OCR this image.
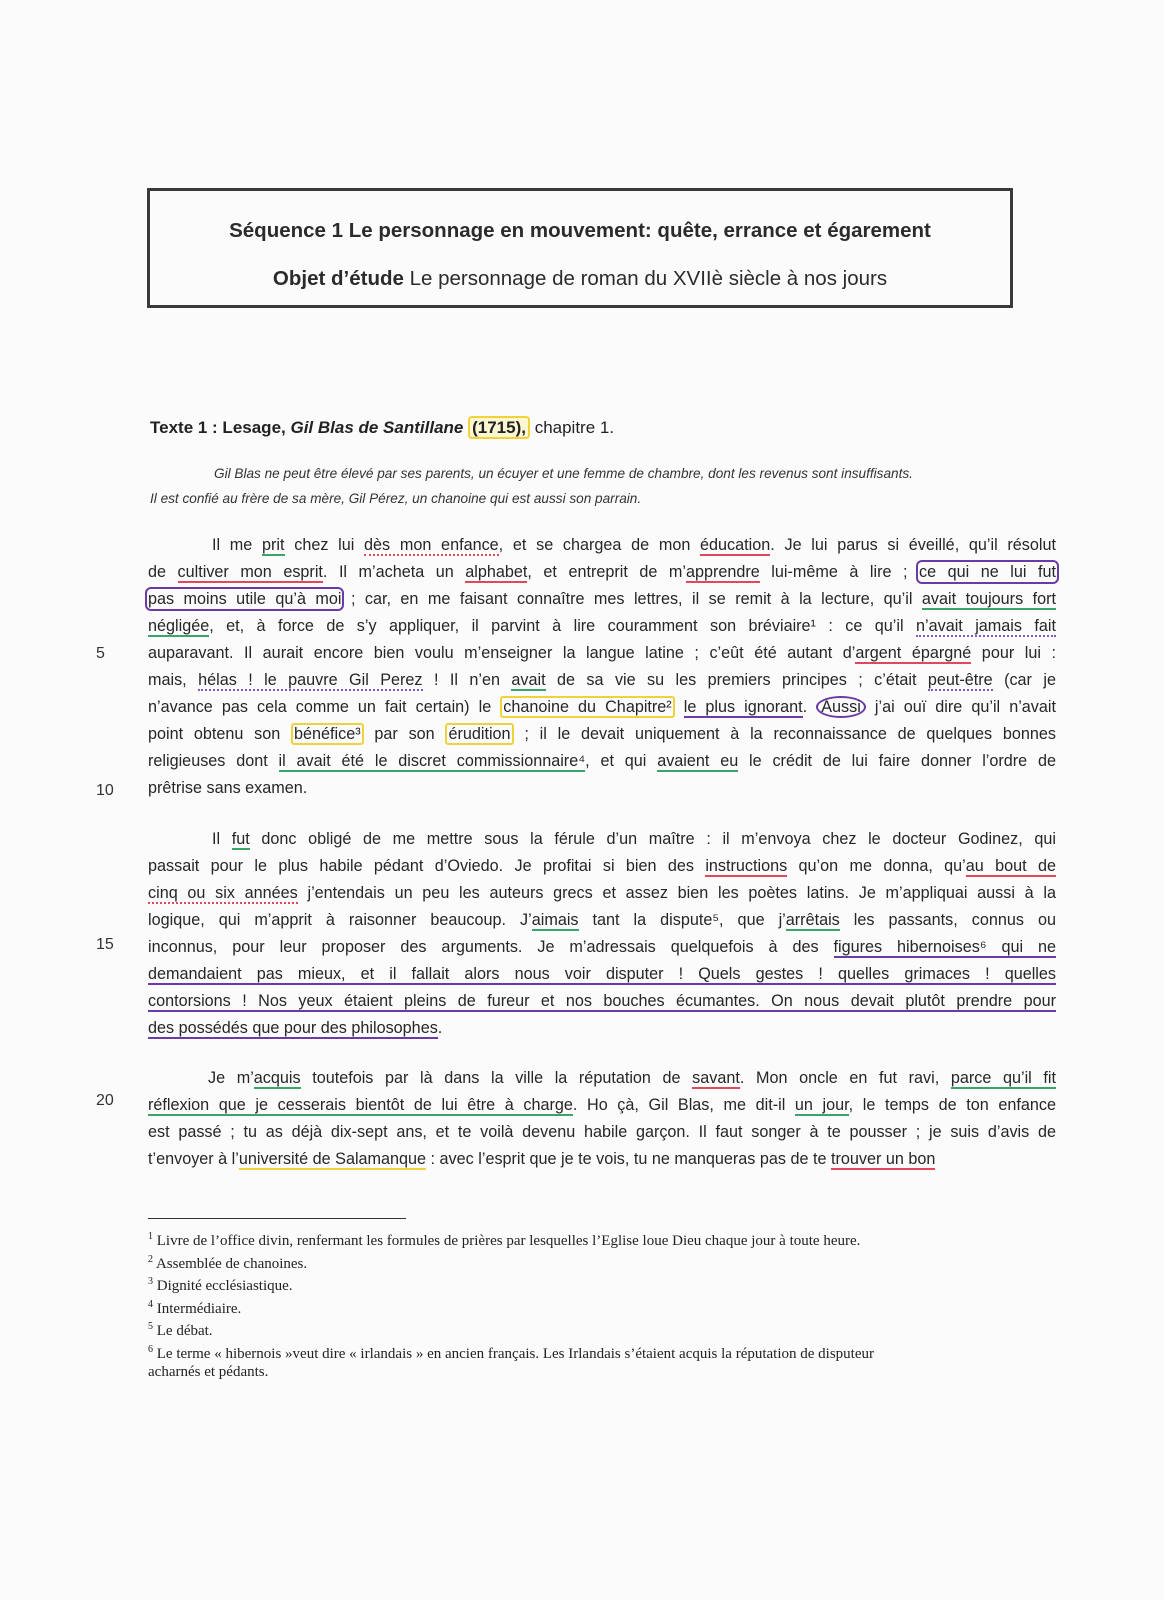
Séquence 1 Le personnage en mouvement: quête, errance et égarement
Objet d’étude Le personnage de roman du XVIIè siècle à nos jours
Texte 1 : Lesage, Gil Blas de Santillane (1715), chapitre 1.
Gil Blas ne peut être élevé par ses parents, un écuyer et une femme de chambre, dont les revenus sont insuffisants.
Il est confié au frère de sa mère, Gil Pérez, un chanoine qui est aussi son parrain.
5
10
15
20
Il me prit chez lui dès mon enfance, et se chargea de mon éducation. Je lui parus si éveillé, qu’il résolut
de cultiver mon esprit. Il m’acheta un alphabet, et entreprit de m’apprendre lui-même à lire ; ce qui ne lui fut
pas moins utile qu’à moi ; car, en me faisant connaître mes lettres, il se remit à la lecture, qu’il avait toujours fort
négligée, et, à force de s’y appliquer, il parvint à lire couramment son bréviaire¹ : ce qu’il n’avait jamais fait
auparavant. Il aurait encore bien voulu m’enseigner la langue latine ; c’eût été autant d’argent épargné pour lui :
mais, hélas ! le pauvre Gil Perez ! Il n’en avait de sa vie su les premiers principes ; c’était peut-être (car je
n’avance pas cela comme un fait certain) le chanoine du Chapitre² le plus ignorant. Aussi j’ai ouï dire qu’il n’avait
point obtenu son bénéfice³ par son érudition ; il le devait uniquement à la reconnaissance de quelques bonnes
religieuses dont il avait été le discret commissionnaire⁴, et qui avaient eu le crédit de lui faire donner l’ordre de
prêtrise sans examen.
Il fut donc obligé de me mettre sous la férule d’un maître : il m’envoya chez le docteur Godinez, qui
passait pour le plus habile pédant d’Oviedo. Je profitai si bien des instructions qu’on me donna, qu’au bout de
cinq ou six années j’entendais un peu les auteurs grecs et assez bien les poètes latins. Je m’appliquai aussi à la
logique, qui m’apprit à raisonner beaucoup. J’aimais tant la dispute⁵, que j’arrêtais les passants, connus ou
inconnus, pour leur proposer des arguments. Je m’adressais quelquefois à des figures hibernoises⁶ qui ne
demandaient pas mieux, et il fallait alors nous voir disputer ! Quels gestes ! quelles grimaces ! quelles
contorsions ! Nos yeux étaient pleins de fureur et nos bouches écumantes. On nous devait plutôt prendre pour
des possédés que pour des philosophes.
Je m’acquis toutefois par là dans la ville la réputation de savant. Mon oncle en fut ravi, parce qu’il fit
réflexion que je cesserais bientôt de lui être à charge. Ho çà, Gil Blas, me dit-il un jour, le temps de ton enfance
est passé ; tu as déjà dix-sept ans, et te voilà devenu habile garçon. Il faut songer à te pousser ; je suis d’avis de
t’envoyer à l’université de Salamanque : avec l’esprit que je te vois, tu ne manqueras pas de te trouver un bon
$^1$ Livre de l’office divin, renfermant les formules de prières par lesquelles l’Eglise loue Dieu chaque jour à toute heure.
$^2$ Assemblée de chanoines.
$^3$ Dignité ecclésiastique.
$^4$ Intermédiaire.
$^5$ Le débat.
$^6$ Le terme « hibernois »veut dire « irlandais » en ancien français. Les Irlandais s’étaient acquis la réputation de disputeur
acharnés et pédants.
